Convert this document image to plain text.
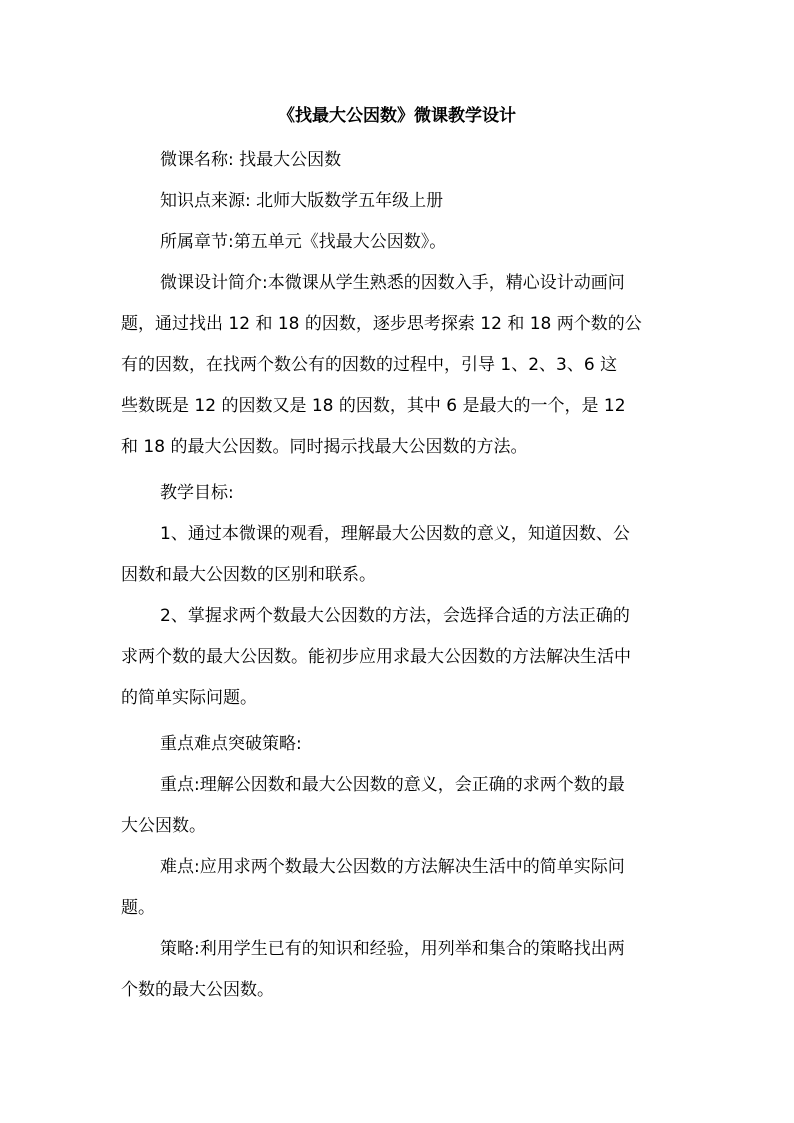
《找最大公因数》微课教学设计
微课名称: 找最大公因数
知识点来源: 北师大版数学五年级上册
所属章节:第五单元《找最大公因数》。
微课设计简介:本微课从学生熟悉的因数入手，精心设计动画问
题，通过找出 12 和 18 的因数，逐步思考探索 12 和 18 两个数的公
有的因数，在找两个数公有的因数的过程中，引导 1、2、3、6 这
些数既是 12 的因数又是 18 的因数，其中 6 是最大的一个，是 12
和 18 的最大公因数。同时揭示找最大公因数的方法。
教学目标:
1、通过本微课的观看，理解最大公因数的意义，知道因数、公
因数和最大公因数的区别和联系。
2、掌握求两个数最大公因数的方法，会选择合适的方法正确的
求两个数的最大公因数。能初步应用求最大公因数的方法解决生活中
的简单实际问题。
重点难点突破策略:
重点:理解公因数和最大公因数的意义，会正确的求两个数的最
大公因数。
难点:应用求两个数最大公因数的方法解决生活中的简单实际问
题。
策略:利用学生已有的知识和经验，用列举和集合的策略找出两
个数的最大公因数。
